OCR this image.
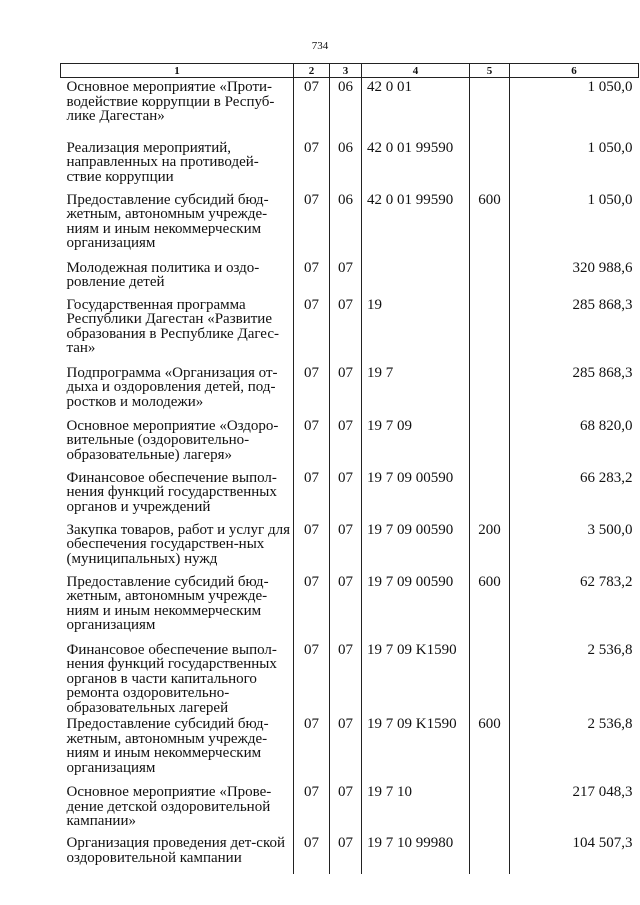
734
1	2	3	4	5	6
Основное мероприятие «Проти-водействие коррупции в Респуб-лике Дагестан»	07	06	42 0 01		1 050,0
Реализация мероприятий, направленных на противодей-ствие коррупции	07	06	42 0 01 99590		1 050,0
Предоставление субсидий бюд-жетным, автономным учрежде-ниям и иным некоммерческим организациям	07	06	42 0 01 99590	600	1 050,0
Молодежная политика и оздо-ровление детей	07	07			320 988,6
Государственная программа Республики Дагестан «Развитие образования в Республике Дагес-тан»	07	07	19		285 868,3
Подпрограмма «Организация от-дыха и оздоровления детей, под-ростков и молодежи»	07	07	19 7		285 868,3
Основное мероприятие «Оздоро-вительные (оздоровительно-образовательные) лагеря»	07	07	19 7 09		68 820,0
Финансовое обеспечение выпол-нения функций государственных органов и учреждений	07	07	19 7 09 00590		66 283,2
Закупка товаров, работ и услуг для обеспечения государствен-ных (муниципальных) нужд	07	07	19 7 09 00590	200	3 500,0
Предоставление субсидий бюд-жетным, автономным учрежде-ниям и иным некоммерческим организациям	07	07	19 7 09 00590	600	62 783,2
Финансовое обеспечение выпол-нения функций государственных органов в части капитального ремонта оздоровительно-образовательных лагерей	07	07	19 7 09 K1590		2 536,8
Предоставление субсидий бюд-жетным, автономным учрежде-ниям и иным некоммерческим организациям	07	07	19 7 09 K1590	600	2 536,8
Основное мероприятие «Прове-дение детской оздоровительной кампании»	07	07	19 7 10		217 048,3
Организация проведения дет-ской оздоровительной кампании	07	07	19 7 10 99980		104 507,3
